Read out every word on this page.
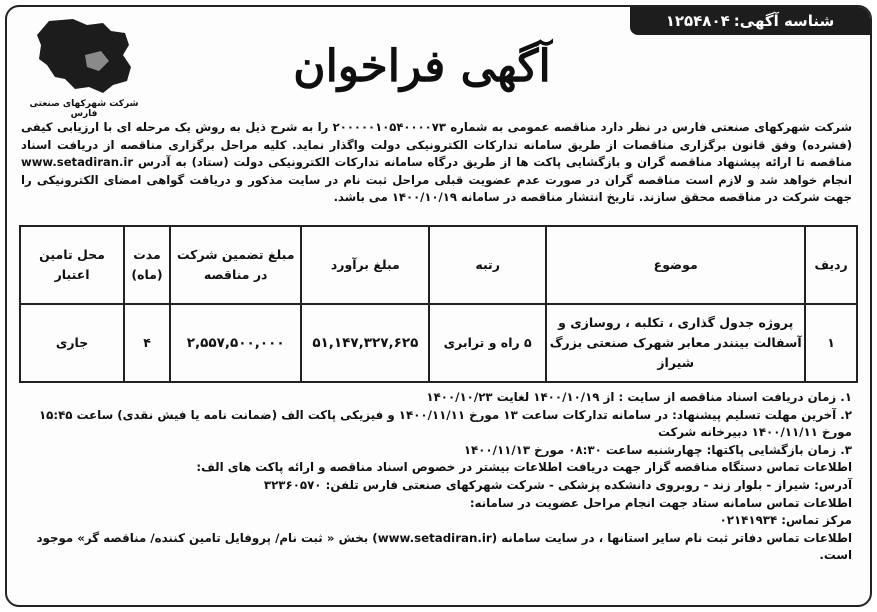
شناسه آگهی:
۱۲۵۴۸۰۴
شرکت شهرکهای صنعتی فارس
آگهی فراخوان
شرکت شهرکهای صنعتی فارس در نظر دارد مناقصه عمومی به شماره ۲۰۰۰۰۰۱۰۵۴۰۰۰۰۷۳ را به شرح ذیل به روش یک مرحله ای با ارزیابی کیفی (فشرده) وفق قانون برگزاری مناقصات از طریق سامانه تدارکات الکترونیکی دولت واگذار نماید. کلیه مراحل برگزاری مناقصه از دریافت اسناد مناقصه تا ارائه پیشنهاد مناقصه گران و بازگشایی پاکت ها از طریق درگاه سامانه تدارکات الکترونیکی دولت (ستاد) به آدرس www.setadiran.ir انجام خواهد شد و لازم است مناقصه گران در صورت عدم عضویت قبلی مراحل ثبت نام در سایت مذکور و دریافت گواهی امضای الکترونیکی را جهت شرکت در مناقصه محقق سازند. تاریخ انتشار مناقصه در سامانه ۱۴۰۰/۱۰/۱۹ می باشد.
ردیف	موضوع	رتبه	مبلغ برآورد	مبلغ تضمین شرکت در مناقصه	مدت (ماه)	محل تامین اعتبار
۱	پروژه جدول گذاری ، تکلبه ، روسازی و آسفالت بینندر معابر شهرک صنعتی بزرگ شیراز	۵ راه و ترابری	۵۱,۱۴۷,۳۲۷,۶۲۵	۲,۵۵۷,۵۰۰,۰۰۰	۴	جاری

۱. زمان دریافت اسناد مناقصه از سایت : از ۱۴۰۰/۱۰/۱۹ لغایت ۱۴۰۰/۱۰/۲۳

۲. آخرین مهلت تسلیم پیشنهاد: در سامانه تدارکات ساعت ۱۳ مورخ ۱۴۰۰/۱۱/۱۱ و فیزیکی پاکت الف (ضمانت نامه یا فیش نقدی) ساعت ۱۵:۴۵ مورخ ۱۴۰۰/۱۱/۱۱ دبیرخانه شرکت

۳. زمان بازگشایی پاکتها: چهارشنبه ساعت ۰۸:۳۰ مورخ ۱۴۰۰/۱۱/۱۳

اطلاعات تماس دستگاه مناقصه گزار جهت دریافت اطلاعات بیشتر در خصوص اسناد مناقصه و ارائه پاکت های الف:

آدرس: شیراز - بلوار زند - روبروی دانشکده پزشکی - شرکت شهرکهای صنعتی فارس تلفن: ۳۲۳۶۰۵۷۰

اطلاعات تماس سامانه ستاد جهت انجام مراحل عضویت در سامانه:

مرکز تماس: ۰۲۱۴۱۹۳۴

اطلاعات تماس دفاتر ثبت نام سایر استانها ، در سایت سامانه (www.setadiran.ir) بخش « ثبت نام/ پروفایل تامین کننده/ مناقصه گر» موجود است.
